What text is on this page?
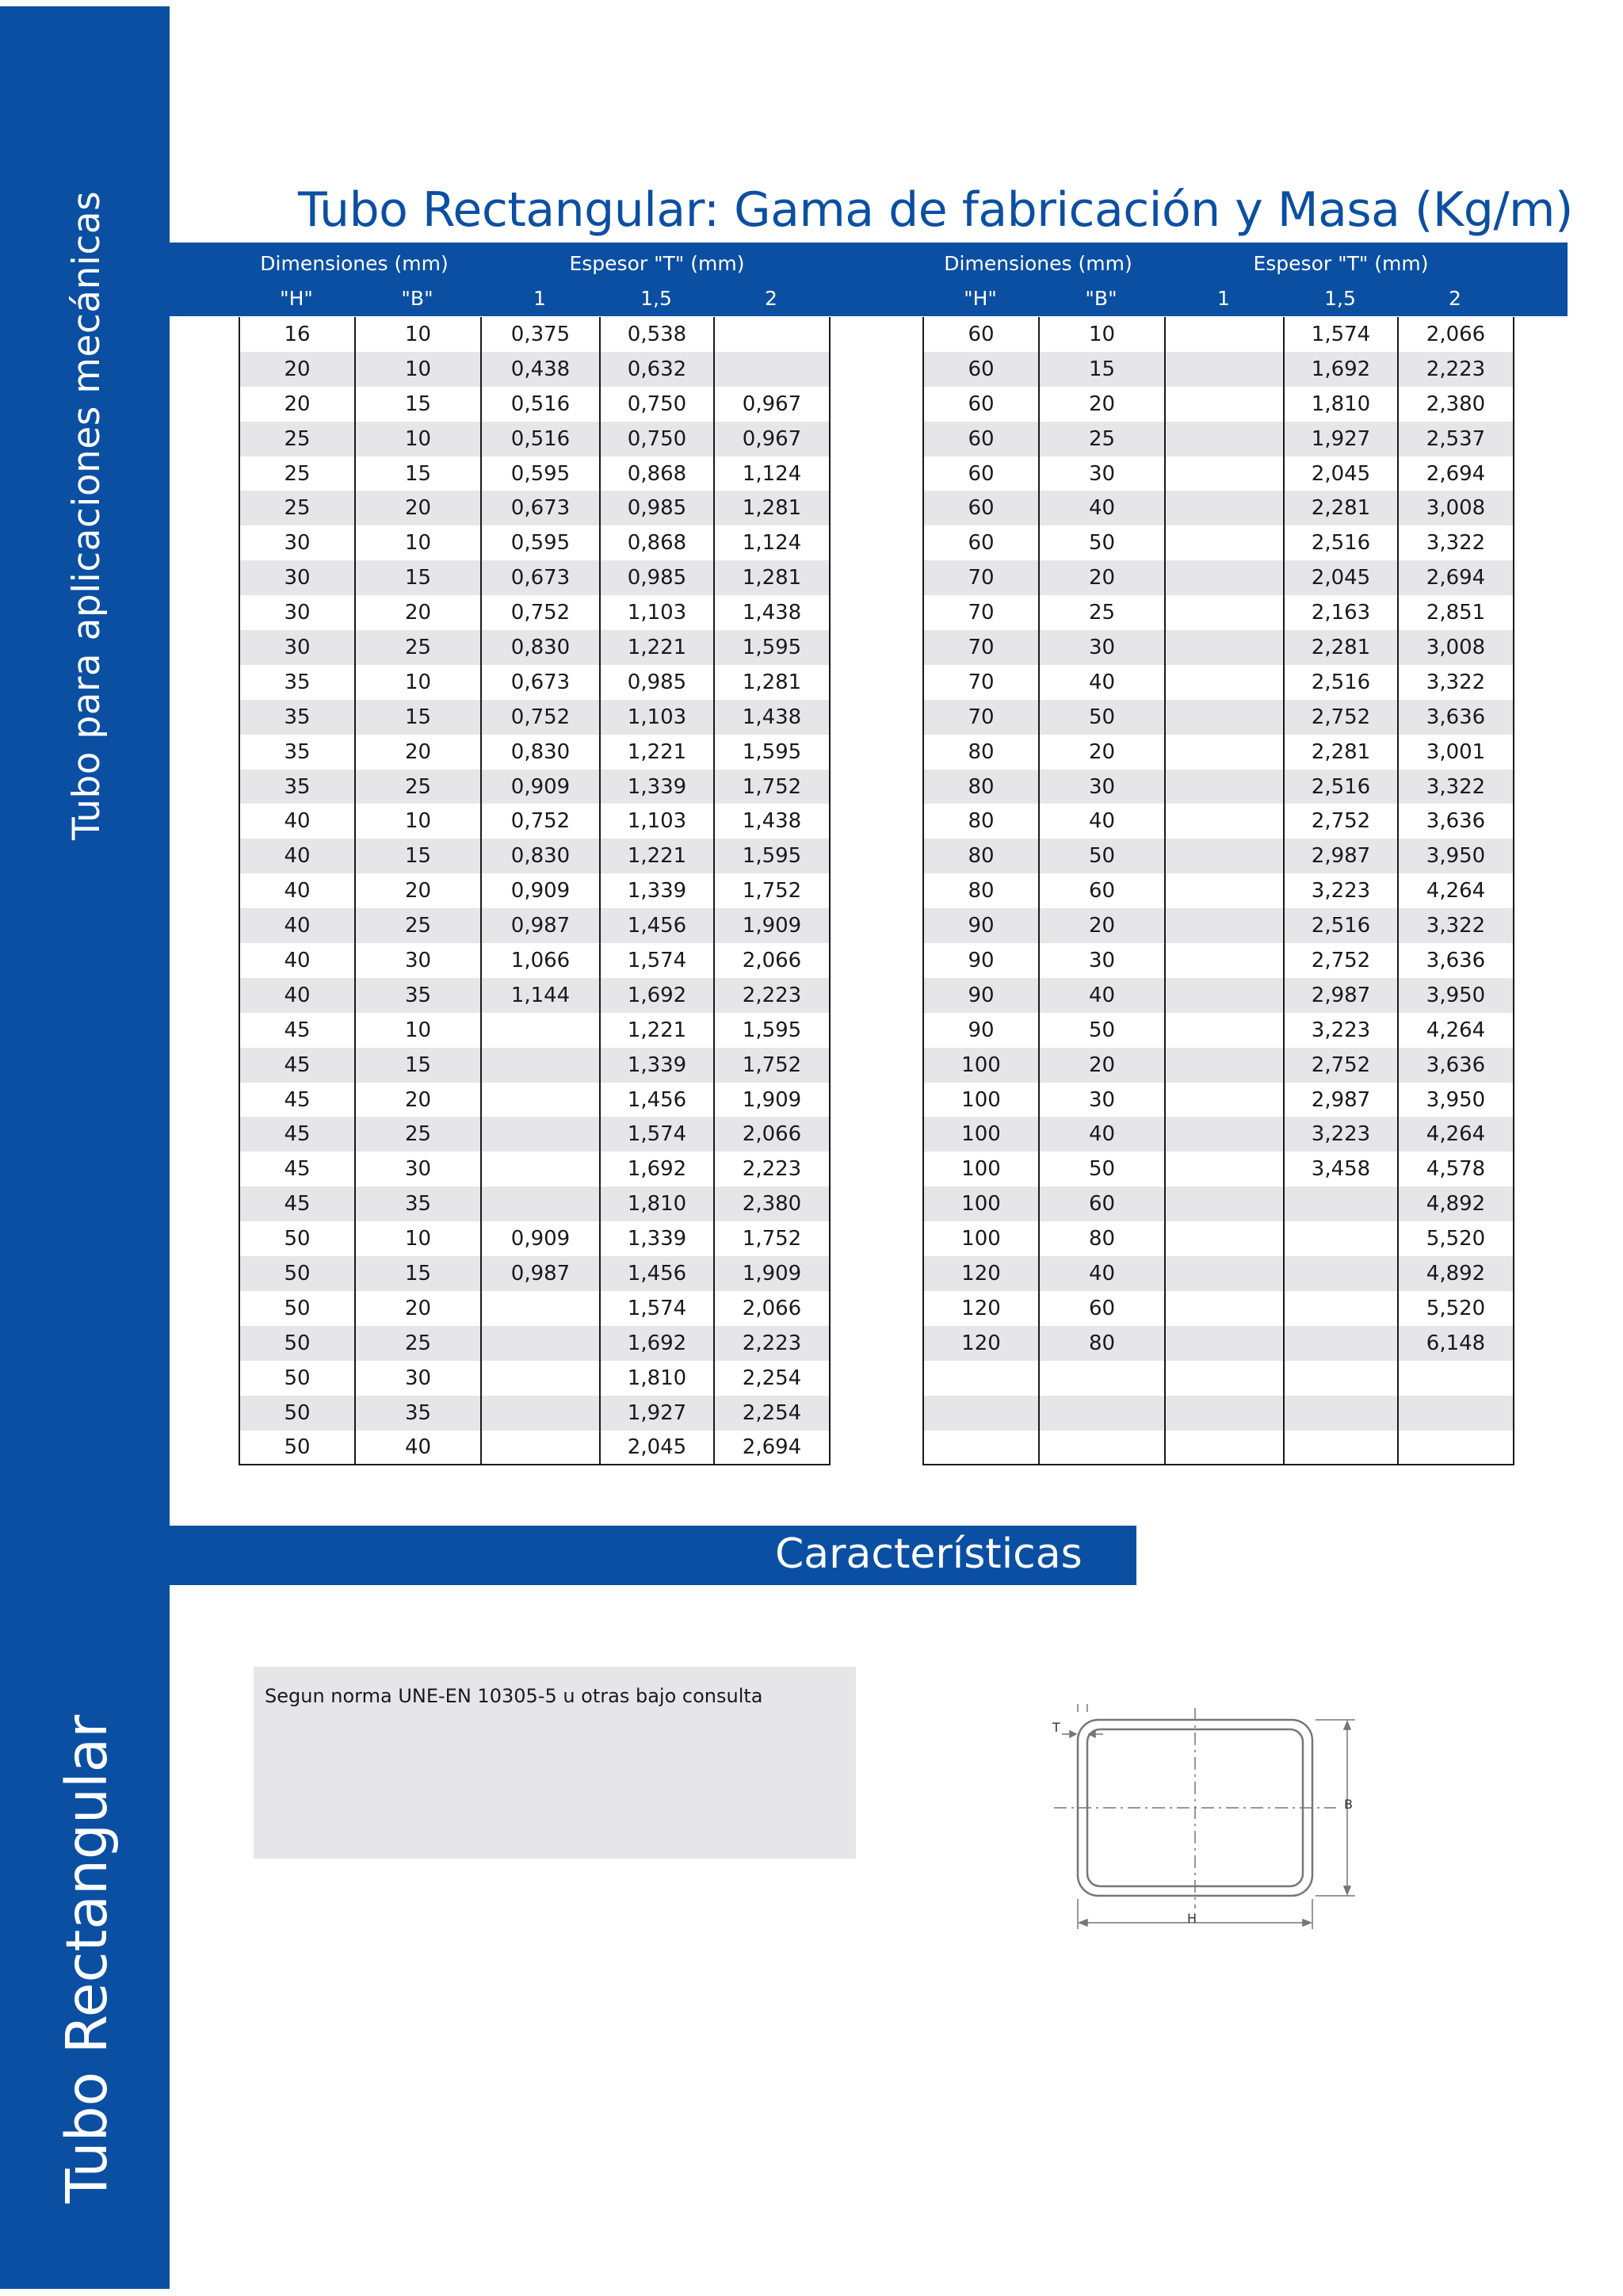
Tubo para aplicaciones mecánicas
Tubo Rectangular
Tubo Rectangular: Gama de fabricación y Masa (Kg/m)
Dimensiones (mm)	Espesor "T" (mm)
"H"	"B"	1	1,5	2
Dimensiones (mm)	Espesor "T" (mm)
"H"	"B"	1	1,5	2
16	10	0,375	0,538	
20	10	0,438	0,632	
20	15	0,516	0,750	0,967
25	10	0,516	0,750	0,967
25	15	0,595	0,868	1,124
25	20	0,673	0,985	1,281
30	10	0,595	0,868	1,124
30	15	0,673	0,985	1,281
30	20	0,752	1,103	1,438
30	25	0,830	1,221	1,595
35	10	0,673	0,985	1,281
35	15	0,752	1,103	1,438
35	20	0,830	1,221	1,595
35	25	0,909	1,339	1,752
40	10	0,752	1,103	1,438
40	15	0,830	1,221	1,595
40	20	0,909	1,339	1,752
40	25	0,987	1,456	1,909
40	30	1,066	1,574	2,066
40	35	1,144	1,692	2,223
45	10		1,221	1,595
45	15		1,339	1,752
45	20		1,456	1,909
45	25		1,574	2,066
45	30		1,692	2,223
45	35		1,810	2,380
50	10	0,909	1,339	1,752
50	15	0,987	1,456	1,909
50	20		1,574	2,066
50	25		1,692	2,223
50	30		1,810	2,254
50	35		1,927	2,254
50	40		2,045	2,694
60	10		1,574	2,066
60	15		1,692	2,223
60	20		1,810	2,380
60	25		1,927	2,537
60	30		2,045	2,694
60	40		2,281	3,008
60	50		2,516	3,322
70	20		2,045	2,694
70	25		2,163	2,851
70	30		2,281	3,008
70	40		2,516	3,322
70	50		2,752	3,636
80	20		2,281	3,001
80	30		2,516	3,322
80	40		2,752	3,636
80	50		2,987	3,950
80	60		3,223	4,264
90	20		2,516	3,322
90	30		2,752	3,636
90	40		2,987	3,950
90	50		3,223	4,264
100	20		2,752	3,636
100	30		2,987	3,950
100	40		3,223	4,264
100	50		3,458	4,578
100	60			4,892
100	80			5,520
120	40			4,892
120	60			5,520
120	80			6,148

Características
Segun norma UNE-EN 10305-5 u otras bajo consulta
T
B
H
